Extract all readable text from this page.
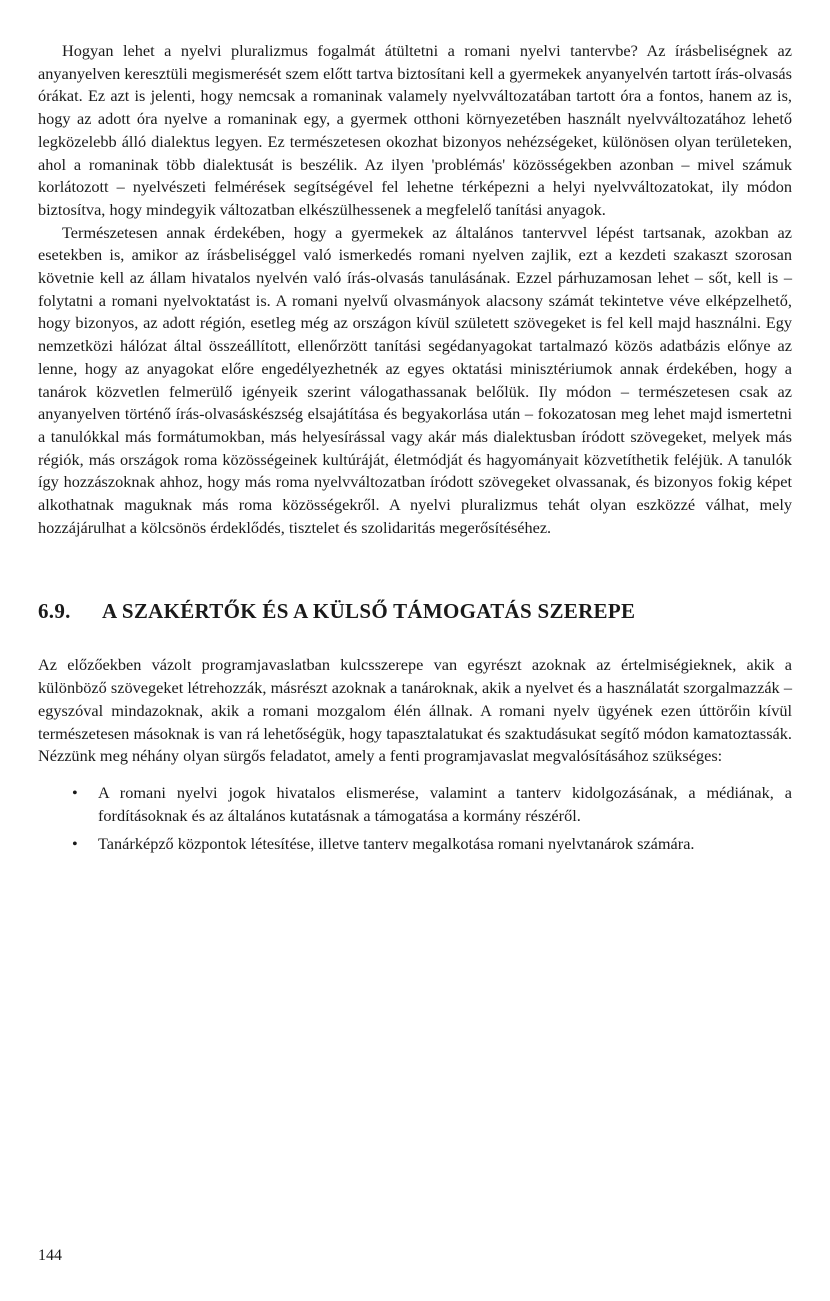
Hogyan lehet a nyelvi pluralizmus fogalmát átültetni a romani nyelvi tantervbe? Az írásbeliségnek az anyanyelven keresztüli megismerését szem előtt tartva biztosítani kell a gyermekek anyanyelvén tartott írás-olvasás órákat. Ez azt is jelenti, hogy nemcsak a romaninak valamely nyelvváltozatában tartott óra a fontos, hanem az is, hogy az adott óra nyelve a romaninak egy, a gyermek otthoni környezetében használt nyelvváltozatához lehető legközelebb álló dialektus legyen. Ez természetesen okozhat bizonyos nehézségeket, különösen olyan területeken, ahol a romaninak több dialektusát is beszélik. Az ilyen 'problémás' közösségekben azonban – mivel számuk korlátozott – nyelvészeti felmérések segítségével fel lehetne térképezni a helyi nyelvváltozatokat, ily módon biztosítva, hogy mindegyik változatban elkészülhessenek a megfelelő tanítási anyagok.

Természetesen annak érdekében, hogy a gyermekek az általános tantervvel lépést tartsanak, azokban az esetekben is, amikor az írásbeliséggel való ismerkedés romani nyelven zajlik, ezt a kezdeti szakaszt szorosan követnie kell az állam hivatalos nyelvén való írás-olvasás tanulásának. Ezzel párhuzamosan lehet – sőt, kell is – folytatni a romani nyelvoktatást is. A romani nyelvű olvasmányok alacsony számát tekintetve véve elképzelhető, hogy bizonyos, az adott régión, esetleg még az országon kívül született szövegeket is fel kell majd használni. Egy nemzetközi hálózat által összeállított, ellenőrzött tanítási segédanyagokat tartalmazó közös adatbázis előnye az lenne, hogy az anyagokat előre engedélyezhetnék az egyes oktatási minisztériumok annak érdekében, hogy a tanárok közvetlen felmerülő igényeik szerint válogathassanak belőlük. Ily módon – természetesen csak az anyanyelven történő írás-olvasáskészség elsajátítása és begyakorlása után – fokozatosan meg lehet majd ismertetni a tanulókkal más formátumokban, más helyesírással vagy akár más dialektusban íródott szövegeket, melyek más régiók, más országok roma közösségeinek kultúráját, életmódját és hagyományait közvetíthetik feléjük. A tanulók így hozzászoknak ahhoz, hogy más roma nyelvváltozatban íródott szövegeket olvassanak, és bizonyos fokig képet alkothatnak maguknak más roma közösségekről. A nyelvi pluralizmus tehát olyan eszközzé válhat, mely hozzájárulhat a kölcsönös érdeklődés, tisztelet és szolidaritás megerősítéséhez.

6.9.	A SZAKÉRTŐK ÉS A KÜLSŐ TÁMOGATÁS SZEREPE

Az előzőekben vázolt programjavaslatban kulcsszerepe van egyrészt azoknak az értelmiségieknek, akik a különböző szövegeket létrehozzák, másrészt azoknak a tanároknak, akik a nyelvet és a használatát szorgalmazzák – egyszóval mindazoknak, akik a romani mozgalom élén állnak. A romani nyelv ügyének ezen úttörőin kívül természetesen másoknak is van rá lehetőségük, hogy tapasztalatukat és szaktudásukat segítő módon kamatoztassák. Nézzünk meg néhány olyan sürgős feladatot, amely a fenti programjavaslat megvalósításához szükséges:

• A romani nyelvi jogok hivatalos elismerése, valamint a tanterv kidolgozásának, a médiának, a fordításoknak és az általános kutatásnak a támogatása a kormány részéről.
• Tanárképző központok létesítése, illetve tanterv megalkotása romani nyelvtanárok számára.
144
